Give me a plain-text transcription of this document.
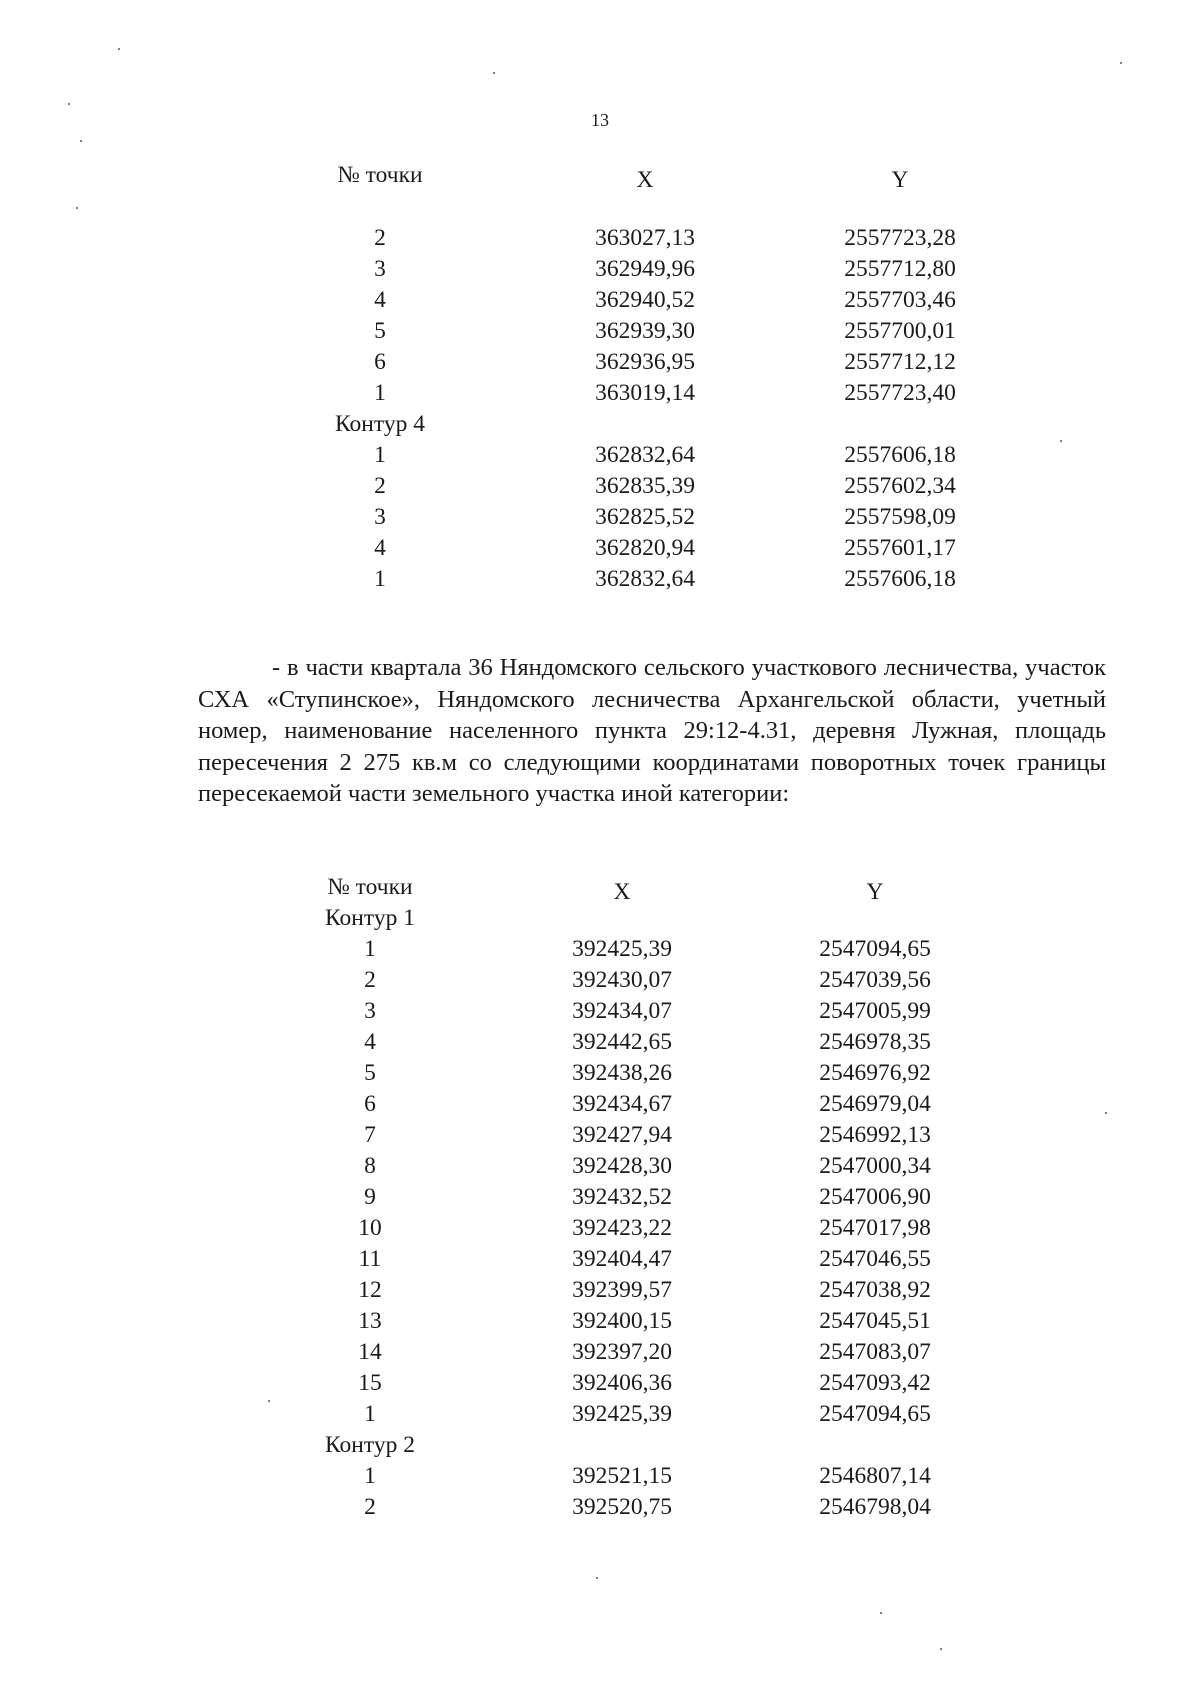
13
№ точки	X	Y
2	363027,13	2557723,28
3	362949,96	2557712,80
4	362940,52	2557703,46
5	362939,30	2557700,01
6	362936,95	2557712,12
1	363019,14	2557723,40
Контур 4
1	362832,64	2557606,18
2	362835,39	2557602,34
3	362825,52	2557598,09
4	362820,94	2557601,17
1	362832,64	2557606,18

- в части квартала 36 Няндомского сельского участкового лесничества, участок СХА «Ступинское», Няндомского лесничества Архангельской области, учетный номер, наименование населенного пункта 29:12-4.31, деревня Лужная, площадь пересечения 2 275 кв.м со следующими координатами поворотных точек границы пересекаемой части земельного участка иной категории:

№ точки	X	Y
Контур 1
1	392425,39	2547094,65
2	392430,07	2547039,56
3	392434,07	2547005,99
4	392442,65	2546978,35
5	392438,26	2546976,92
6	392434,67	2546979,04
7	392427,94	2546992,13
8	392428,30	2547000,34
9	392432,52	2547006,90
10	392423,22	2547017,98
11	392404,47	2547046,55
12	392399,57	2547038,92
13	392400,15	2547045,51
14	392397,20	2547083,07
15	392406,36	2547093,42
1	392425,39	2547094,65
Контур 2
1	392521,15	2546807,14
2	392520,75	2546798,04
